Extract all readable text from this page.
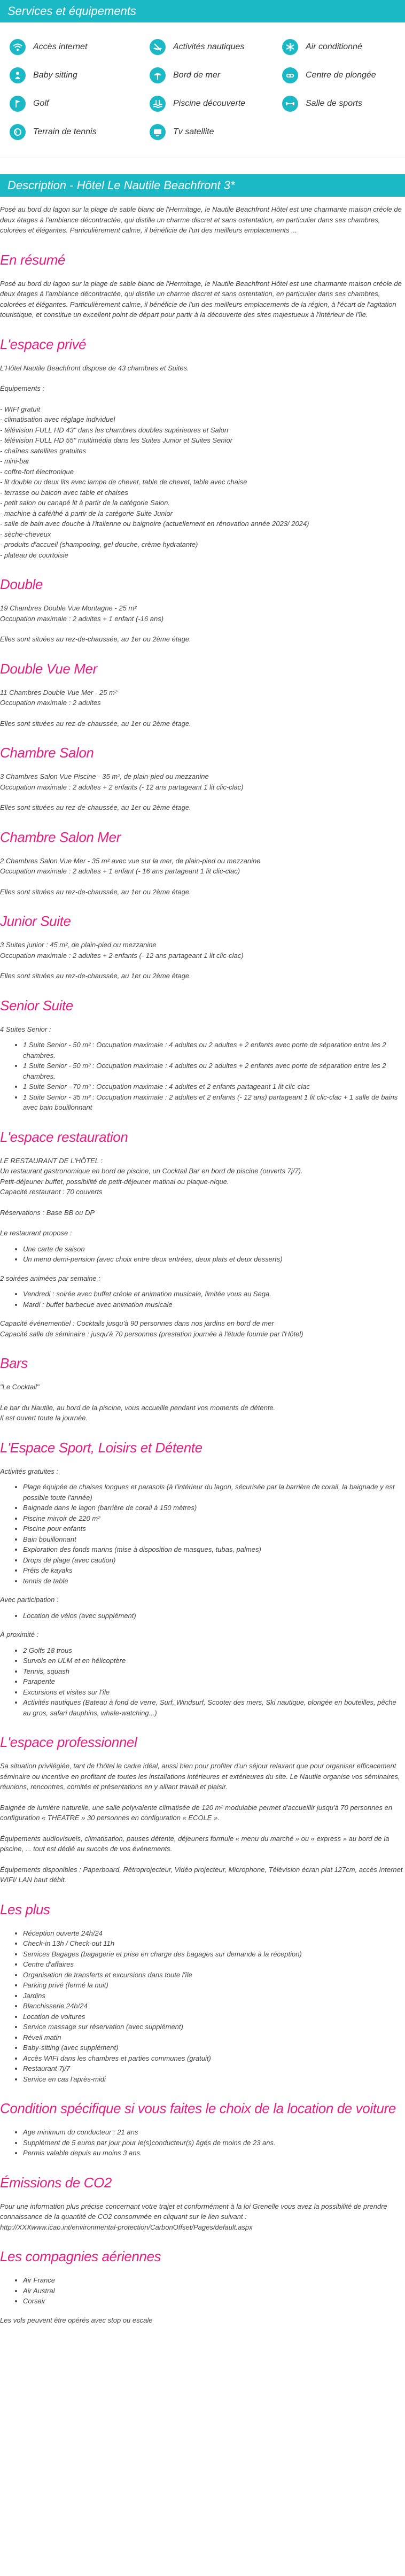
Services et équipements
Accès internet	Activités nautiques	Air conditionné
Baby sitting	Bord de mer	Centre de plongée
Golf	Piscine découverte	Salle de sports
Terrain de tennis	Tv satellite
Description - Hôtel Le Nautile Beachfront 3*

Posé au bord du lagon sur la plage de sable blanc de l'Hermitage, le Nautile Beachfront Hôtel est une charmante maison créole de deux étages à l'ambiance décontractée, qui distille un charme discret et sans ostentation, en particulier dans ses chambres, colorées et élégantes. Particulièrement calme, il bénéficie de l'un des meilleurs emplacements ...

En résumé

Posé au bord du lagon sur la plage de sable blanc de l'Hermitage, le Nautile Beachfront Hôtel est une charmante maison créole de deux étages à l'ambiance décontractée, qui distille un charme discret et sans ostentation, en particulier dans ses chambres, colorées et élégantes. Particulièrement calme, il bénéficie de l'un des meilleurs emplacements de la région, à l'écart de l'agitation touristique, et constitue un excellent point de départ pour partir à la découverte des sites majestueux à l'intérieur de l'île.

L'espace privé

L'Hôtel Nautile Beachfront dispose de 43 chambres et Suites.

Équipements :

- WIFI gratuit

- climatisation avec réglage individuel

- télévision FULL HD 43" dans les chambres doubles supérieures et Salon

- télévision FULL HD 55" multimédia dans les Suites Junior et Suites Senior

- chaînes satellites gratuites

- mini-bar

- coffre-fort électronique

- lit double ou deux lits avec lampe de chevet, table de chevet, table avec chaise

- terrasse ou balcon avec table et chaises

- petit salon ou canapé lit à partir de la catégorie Salon.

- machine à café/thé à partir de la catégorie Suite Junior

- salle de bain avec douche à l'italienne ou baignoire (actuellement en rénovation année 2023/ 2024)

- sèche-cheveux

- produits d'accueil (shampooing, gel douche, crème hydratante)

- plateau de courtoisie

Double

19 Chambres Double Vue Montagne - 25 m²

Occupation maximale : 2 adultes + 1 enfant (-16 ans)

Elles sont situées au rez-de-chaussée, au 1er ou 2ème étage.

Double Vue Mer

11 Chambres Double Vue Mer - 25 m²

Occupation maximale : 2 adultes

Elles sont situées au rez-de-chaussée, au 1er ou 2ème étage.

Chambre Salon

3 Chambres Salon Vue Piscine - 35 m², de plain-pied ou mezzanine

Occupation maximale : 2 adultes + 2 enfants (- 12 ans partageant 1 lit clic-clac)

Elles sont situées au rez-de-chaussée, au 1er ou 2ème étage.

Chambre Salon Mer

2 Chambres Salon Vue Mer - 35 m² avec vue sur la mer, de plain-pied ou mezzanine

Occupation maximale : 2 adultes + 1 enfant (- 16 ans partageant 1 lit clic-clac)

Elles sont situées au rez-de-chaussée, au 1er ou 2ème étage.

Junior Suite

3 Suites junior : 45 m², de plain-pied ou mezzanine

Occupation maximale : 2 adultes + 2 enfants (- 12 ans partageant 1 lit clic-clac)

Elles sont situées au rez-de-chaussée, au 1er ou 2ème étage.

Senior Suite

4 Suites Senior :

• 1 Suite Senior - 50 m² : Occupation maximale : 4 adultes ou 2 adultes + 2 enfants avec porte de séparation entre les 2 chambres.
• 1 Suite Senior - 50 m² : Occupation maximale : 4 adultes ou 2 adultes + 2 enfants avec porte de séparation entre les 2 chambres.
• 1 Suite Senior - 70 m² : Occupation maximale : 4 adultes et 2 enfants partageant 1 lit clic-clac
• 1 Suite Senior - 35 m² : Occupation maximale : 2 adultes et 2 enfants (- 12 ans) partageant 1 lit clic-clac + 1 salle de bains avec bain bouillonnant
L'espace restauration

LE RESTAURANT DE L'HÔTEL :

Un restaurant gastronomique en bord de piscine, un Cocktail Bar en bord de piscine (ouverts 7j/7).

Petit-déjeuner buffet, possibilité de petit-déjeuner matinal ou plaque-nique.

Capacité restaurant : 70 couverts

Réservations : Base BB ou DP

Le restaurant propose :

• Une carte de saison
• Un menu demi-pension (avec choix entre deux entrées, deux plats et deux desserts)

2 soirées animées par semaine :

• Vendredi : soirée avec buffet créole et animation musicale, limitée vous au Sega.
• Mardi : buffet barbecue avec animation musicale

Capacité événementiel : Cocktails jusqu'à 90 personnes dans nos jardins en bord de mer

Capacité salle de séminaire : jusqu'à 70 personnes (prestation journée à l'étude fournie par l'Hôtel)

Bars

"Le Cocktail"

Le bar du Nautile, au bord de la piscine, vous accueille pendant vos moments de détente.

Il est ouvert toute la journée.

L'Espace Sport, Loisirs et Détente

Activités gratuites :

• Plage équipée de chaises longues et parasols (à l'intérieur du lagon, sécurisée par la barrière de corail, la baignade y est possible toute l'année)
• Baignade dans le lagon (barrière de corail à 150 mètres)
• Piscine mirroir de 220 m²
• Piscine pour enfants
• Bain bouillonnant
• Exploration des fonds marins (mise à disposition de masques, tubas, palmes)
• Drops de plage (avec caution)
• Prêts de kayaks
• tennis de table

Avec participation :

• Location de vélos (avec supplément)

À proximité :

• 2 Golfs 18 trous
• Survols en ULM et en hélicoptère
• Tennis, squash
• Parapente
• Excursions et visites sur l'île
• Activités nautiques (Bateau à fond de verre, Surf, Windsurf, Scooter des mers, Ski nautique, plongée en bouteilles, pêche au gros, safari dauphins, whale-watching...)
L'espace professionnel

Sa situation privilégiée, tant de l'hôtel le cadre idéal, aussi bien pour profiter d'un séjour relaxant que pour organiser efficacement séminaire ou incentive en profitant de toutes les installations intérieures et extérieures du site. Le Nautile organise vos séminaires, réunions, rencontres, comités et présentations en y alliant travail et plaisir.

Baignée de lumière naturelle, une salle polyvalente climatisée de 120 m² modulable permet d'accueillir jusqu'à 70 personnes en configuration « THEATRE » 30 personnes en configuration « ECOLE ».

Équipements audiovisuels, climatisation, pauses détente, déjeuners formule « menu du marché » ou « express » au bord de la piscine, ... tout est dédié au succès de vos événements.

Équipements disponibles : Paperboard, Rétroprojecteur, Vidéo projecteur, Microphone, Télévision écran plat 127cm, accès Internet WIFI/ LAN haut débit.

Les plus
• Réception ouverte 24h/24
• Check-in 13h / Check-out 11h
• Services Bagages (bagagerie et prise en charge des bagages sur demande à la réception)
• Centre d'affaires
• Organisation de transferts et excursions dans toute l'île
• Parking privé (fermé la nuit)
• Jardins
• Blanchisserie 24h/24
• Location de voitures
• Service massage sur réservation (avec supplément)
• Réveil matin
• Baby-sitting (avec supplément)
• Accès WIFI dans les chambres et parties communes (gratuit)
• Restaurant 7j/7
• Service en cas l'après-midi
Condition spécifique si vous faites le choix de la location de voiture
• Age minimum du conducteur : 21 ans
• Supplément de 5 euros par jour pour le(s)conducteur(s) âgés de moins de 23 ans.
• Permis valable depuis au moins 3 ans.
Émissions de CO2

Pour une information plus précise concernant votre trajet et conformément à la loi Grenelle vous avez la possibilité de prendre connaissance de la quantité de CO2 consommée en cliquant sur le lien suivant :

http://XXXwww.icao.int/environmental-protection/CarbonOffset/Pages/default.aspx

Les compagnies aériennes
• Air France
• Air Austral
• Corsair

Les vols peuvent être opérés avec stop ou escale
